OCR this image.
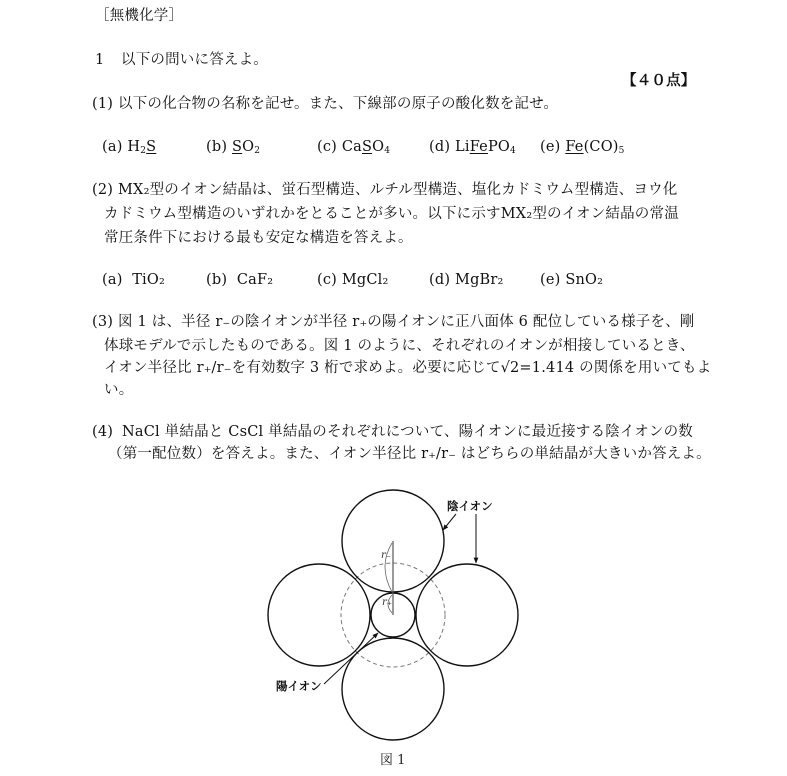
［無機化学］
1 以下の問いに答えよ。
【４０点】
(1) 以下の化合物の名称を記せ。また、下線部の原子の酸化数を記せ。
(a) $H_2S$	(b) $SO_2$	(c) CaSO$_4$	(d) LiFePO$_4$ (e) $Fe(CO)_5$
(2) MX₂型のイオン結晶は、蛍石型構造、ルチル型構造、塩化カドミウム型構造、ヨウ化
カドミウム型構造のいずれかをとることが多い。以下に示すMX₂型のイオン結晶の常温
常圧条件下における最も安定な構造を答えよ。
(a) TiO₂	(b) CaF₂	(c) MgCl₂	(d) MgBr₂	(e) SnO₂
(3) 図 1 は、半径 r₋の陰イオンが半径 r₊の陽イオンに正八面体 6 配位している様子を、剛
体球モデルで示したものである。図 1 のように、それぞれのイオンが相接しているとき、
イオン半径比 r₊/r₋を有効数字 3 桁で求めよ。必要に応じて√2=1.414 の関係を用いてもよ
い。
(4) NaCl 単結晶と CsCl 単結晶のそれぞれについて、陽イオンに最近接する陰イオンの数
（第一配位数）を答えよ。また、イオン半径比 r₊/r₋ はどちらの単結晶が大きいか答えよ。
r₋
r₊
陰イオン
陽イオン
図 1
